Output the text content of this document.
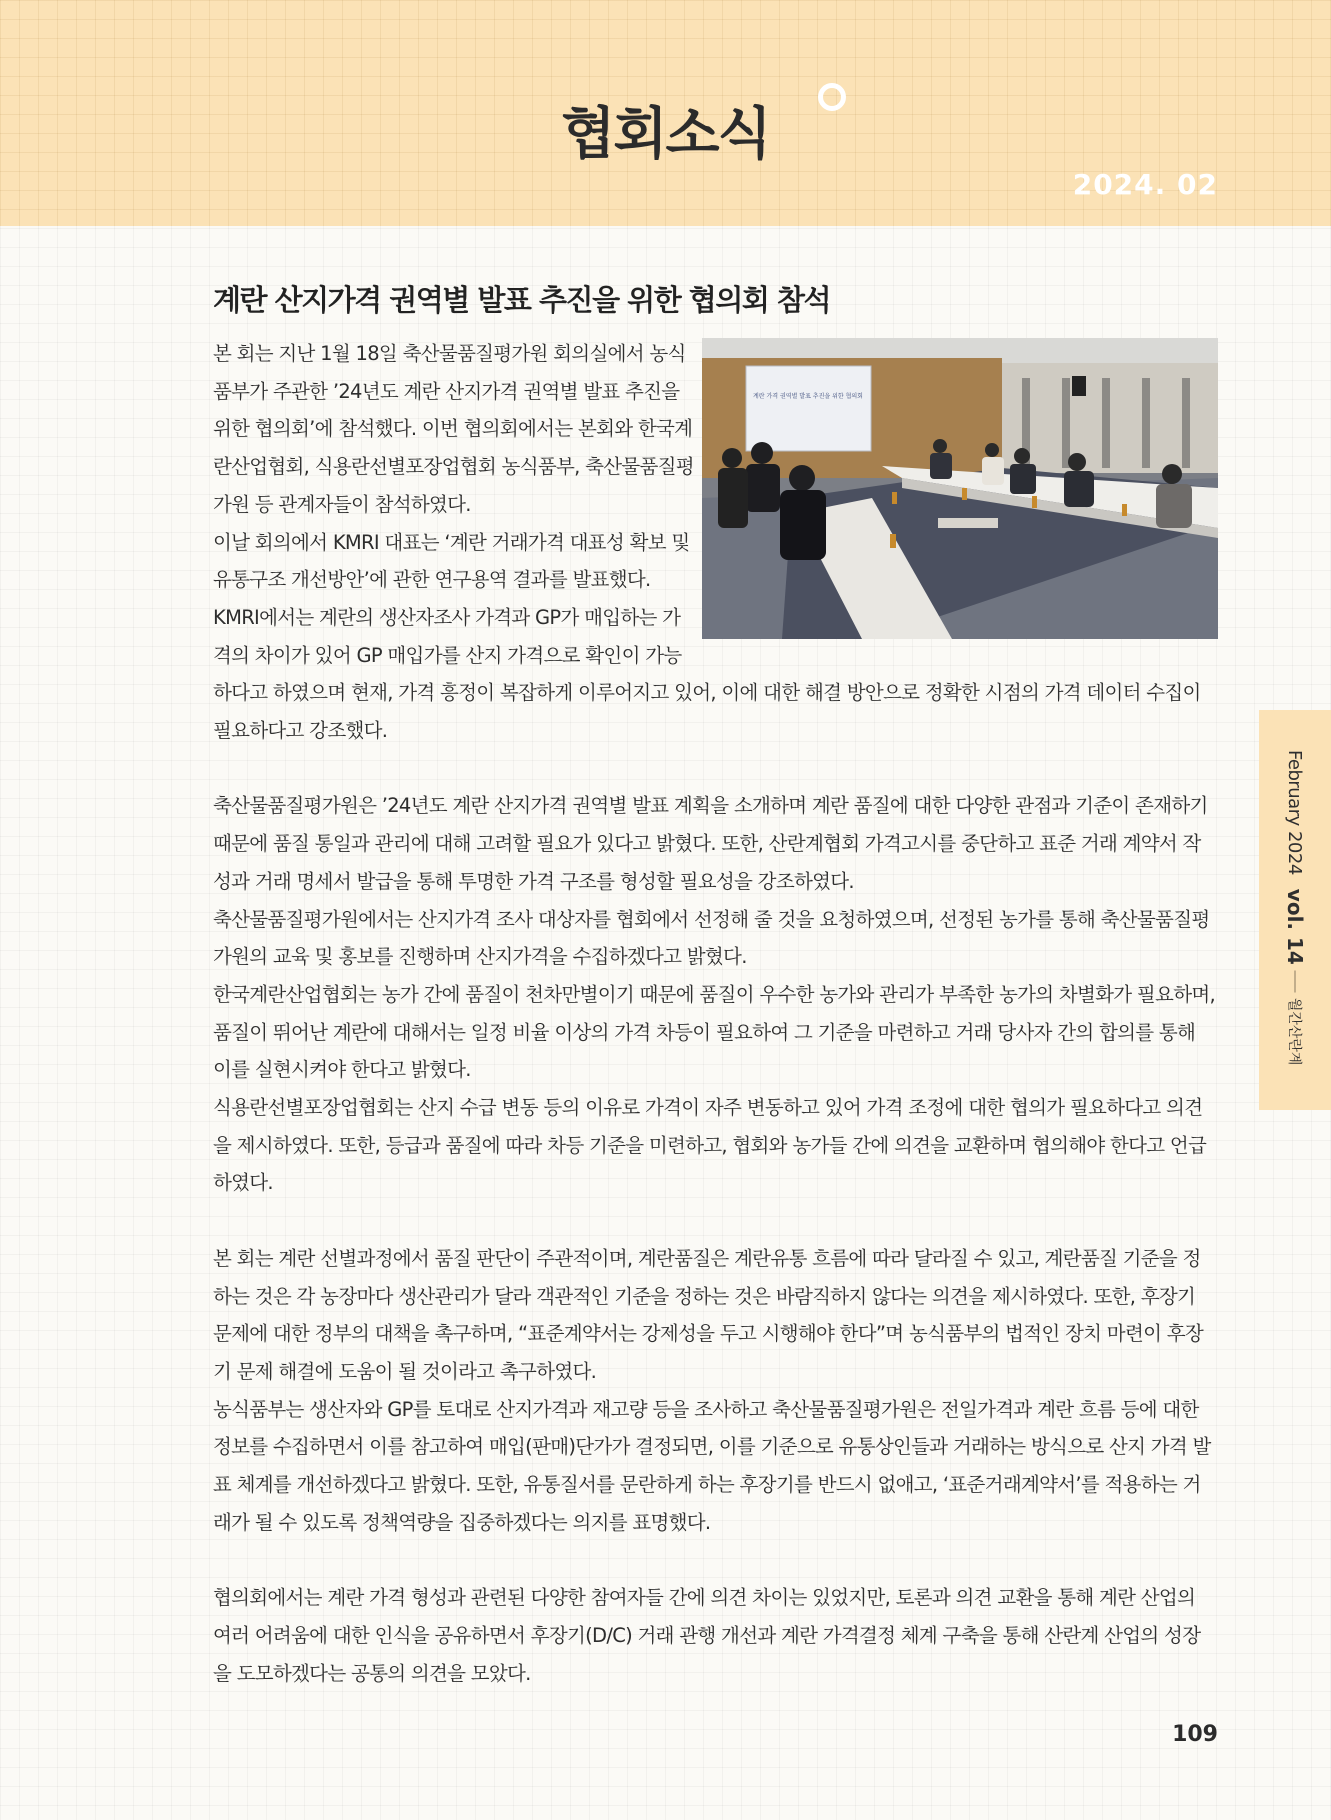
협회소식
2024. 02
계란 산지가격 권역별 발표 추진을 위한 협의회 참석
계란 가격 권역별 발표 추진을 위한 협의회

본 회는 지난 1월 18일 축산물품질평가원 회의실에서 농식품부가 주관한 ’24년도 계란 산지가격 권역별 발표 추진을 위한 협의회’에 참석했다. 이번 협의회에서는 본회와 한국계란산업협회, 식용란선별포장업협회 농식품부, 축산물품질평가원 등 관계자들이 참석하였다.

이날 회의에서 KMRI 대표는 ‘계란 거래가격 대표성 확보 및 유통구조 개선방안’에 관한 연구용역 결과를 발표했다. KMRI에서는 계란의 생산자조사 가격과 GP가 매입하는 가격의 차이가 있어 GP 매입가를 산지 가격으로 확인이 가능하다고 하였으며 현재, 가격 흥정이 복잡하게 이루어지고 있어, 이에 대한 해결 방안으로 정확한 시점의 가격 데이터 수집이 필요하다고 강조했다.

축산물품질평가원은 ’24년도 계란 산지가격 권역별 발표 계획을 소개하며 계란 품질에 대한 다양한 관점과 기준이 존재하기 때문에 품질 통일과 관리에 대해 고려할 필요가 있다고 밝혔다. 또한, 산란계협회 가격고시를 중단하고 표준 거래 계약서 작성과 거래 명세서 발급을 통해 투명한 가격 구조를 형성할 필요성을 강조하였다.

축산물품질평가원에서는 산지가격 조사 대상자를 협회에서 선정해 줄 것을 요청하였으며, 선정된 농가를 통해 축산물품질평가원의 교육 및 홍보를 진행하며 산지가격을 수집하겠다고 밝혔다.

한국계란산업협회는 농가 간에 품질이 천차만별이기 때문에 품질이 우수한 농가와 관리가 부족한 농가의 차별화가 필요하며, 품질이 뛰어난 계란에 대해서는 일정 비율 이상의 가격 차등이 필요하여 그 기준을 마련하고 거래 당사자 간의 합의를 통해 이를 실현시켜야 한다고 밝혔다.

식용란선별포장업협회는 산지 수급 변동 등의 이유로 가격이 자주 변동하고 있어 가격 조정에 대한 협의가 필요하다고 의견을 제시하였다. 또한, 등급과 품질에 따라 차등 기준을 미련하고, 협회와 농가들 간에 의견을 교환하며 협의해야 한다고 언급하였다.

본 회는 계란 선별과정에서 품질 판단이 주관적이며, 계란품질은 계란유통 흐름에 따라 달라질 수 있고, 계란품질 기준을 정하는 것은 각 농장마다 생산관리가 달라 객관적인 기준을 정하는 것은 바람직하지 않다는 의견을 제시하였다. 또한, 후장기 문제에 대한 정부의 대책을 촉구하며, “표준계약서는 강제성을 두고 시행해야 한다”며 농식품부의 법적인 장치 마련이 후장기 문제 해결에 도움이 될 것이라고 촉구하였다.

농식품부는 생산자와 GP를 토대로 산지가격과 재고량 등을 조사하고 축산물품질평가원은 전일가격과 계란 흐름 등에 대한 정보를 수집하면서 이를 참고하여 매입(판매)단가가 결정되면, 이를 기준으로 유통상인들과 거래하는 방식으로 산지 가격 발표 체계를 개선하겠다고 밝혔다. 또한, 유통질서를 문란하게 하는 후장기를 반드시 없애고, ‘표준거래계약서’를 적용하는 거래가 될 수 있도록 정책역량을 집중하겠다는 의지를 표명했다.

협의회에서는 계란 가격 형성과 관련된 다양한 참여자들 간에 의견 차이는 있었지만, 토론과 의견 교환을 통해 계란 산업의 여러 어려움에 대한 인식을 공유하면서 후장기(D/C) 거래 관행 개선과 계란 가격결정 체계 구축을 통해 산란계 산업의 성장을 도모하겠다는 공통의 의견을 모았다.

February 2024
vol. 14
월간산란계
109
